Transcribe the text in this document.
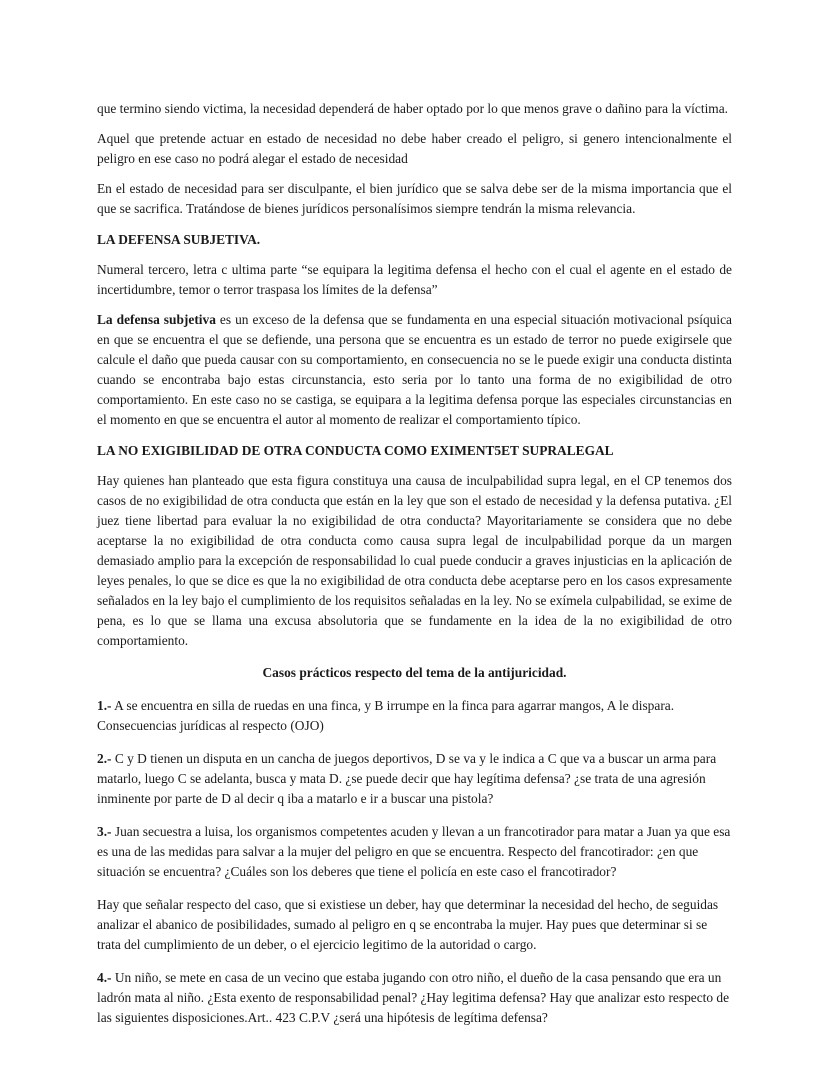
que termino siendo victima, la necesidad dependerá de haber optado por lo que menos grave o dañino para la víctima.

Aquel que pretende actuar en estado de necesidad no debe haber creado el peligro, si genero intencionalmente el peligro en ese caso no podrá alegar el estado de necesidad

En el estado de necesidad para ser disculpante, el bien jurídico que se salva debe ser de la misma importancia que el que se sacrifica. Tratándose de bienes jurídicos personalísimos siempre tendrán la misma relevancia.

LA DEFENSA SUBJETIVA.

Numeral tercero, letra c ultima parte “se equipara la legitima defensa el hecho con el cual el agente en el estado de incertidumbre, temor o terror traspasa los límites de la defensa”

La defensa subjetiva es un exceso de la defensa que se fundamenta en una especial situación motivacional psíquica en que se encuentra el que se defiende, una persona que se encuentra es un estado de terror no puede exigirsele que calcule el daño que pueda causar con su comportamiento, en consecuencia no se le puede exigir una conducta distinta cuando se encontraba bajo estas circunstancia, esto seria por lo tanto una forma de no exigibilidad de otro comportamiento. En este caso no se castiga, se equipara a la legitima defensa porque las especiales circunstancias en el momento en que se encuentra el autor al momento de realizar el comportamiento típico.

LA NO EXIGIBILIDAD DE OTRA CONDUCTA COMO EXIMENT5ET SUPRALEGAL

Hay quienes han planteado que esta figura constituya una causa de inculpabilidad supra legal, en el CP tenemos dos casos de no exigibilidad de otra conducta que están en la ley que son el estado de necesidad y la defensa putativa. ¿El juez tiene libertad para evaluar la no exigibilidad de otra conducta? Mayoritariamente se considera que no debe aceptarse la no exigibilidad de otra conducta como causa supra legal de inculpabilidad porque da un margen demasiado amplio para la excepción de responsabilidad lo cual puede conducir a graves injusticias en la aplicación de leyes penales, lo que se dice es que la no exigibilidad de otra conducta debe aceptarse pero en los casos expresamente señalados en la ley bajo el cumplimiento de los requisitos señaladas en la ley. No se exímela culpabilidad, se exime de pena, es lo que se llama una excusa absolutoria que se fundamente en la idea de la no exigibilidad de otro comportamiento.

Casos prácticos respecto del tema de la antijuricidad.

1.- A se encuentra en silla de ruedas en una finca, y B irrumpe en la finca para agarrar mangos, A le dispara. Consecuencias jurídicas al respecto (OJO)

2.- C y D tienen un disputa en un cancha de juegos deportivos, D se va y le indica a C que va a buscar un arma para matarlo, luego C se adelanta, busca y mata D. ¿se puede decir que hay legítima defensa? ¿se trata de una agresión inminente por parte de D al decir q iba a matarlo e ir a buscar una pistola?

3.- Juan secuestra a luisa, los organismos competentes acuden y llevan a un francotirador para matar a Juan ya que esa es una de las medidas para salvar a la mujer del peligro en que se encuentra. Respecto del francotirador: ¿en que situación se encuentra? ¿Cuáles son los deberes que tiene el policía en este caso el francotirador?

Hay que señalar respecto del caso, que si existiese un deber, hay que determinar la necesidad del hecho, de seguidas analizar el abanico de posibilidades, sumado al peligro en q se encontraba la mujer. Hay pues que determinar si se trata del cumplimiento de un deber, o el ejercicio legitimo de la autoridad o cargo.

4.- Un niño, se mete en casa de un vecino que estaba jugando con otro niño, el dueño de la casa pensando que era un ladrón mata al niño. ¿Esta exento de responsabilidad penal? ¿Hay legitima defensa? Hay que analizar esto respecto de las siguientes disposiciones.Art.. 423 C.P.V ¿será una hipótesis de legítima defensa?
